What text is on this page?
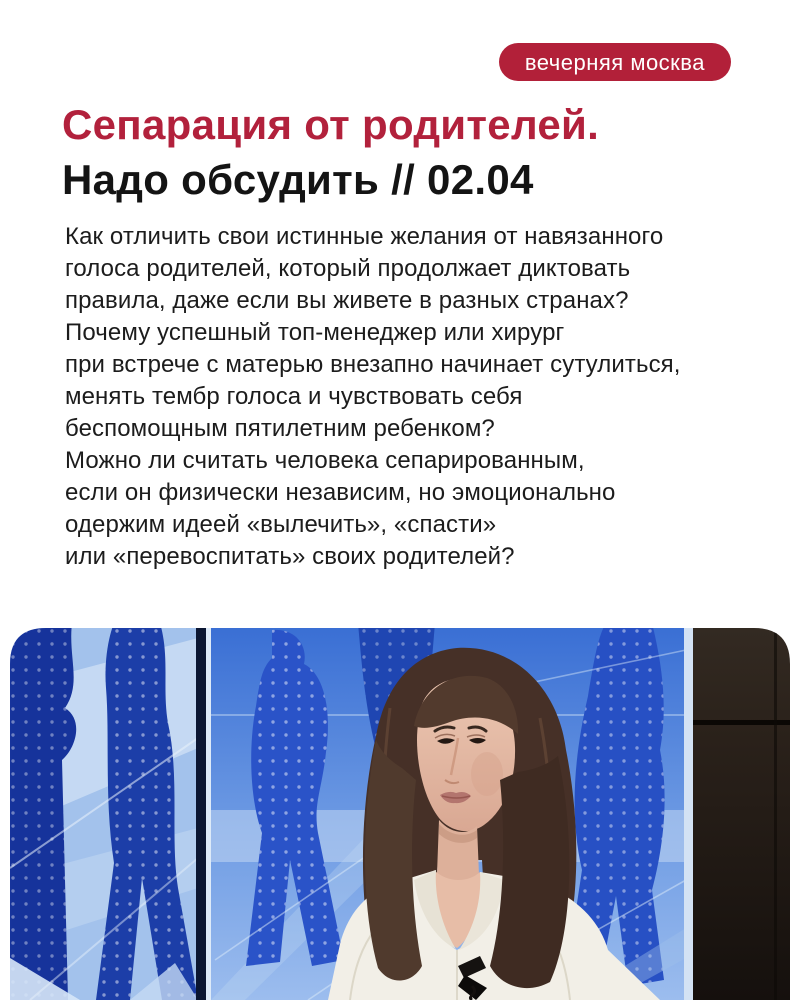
вечерняя москва
Сепарация от родителей.
Надо обсудить // 02.04
Как отличить свои истинные желания от навязанного
голоса родителей, который продолжает диктовать
правила, даже если вы живете в разных странах?
Почему успешный топ-менеджер или хирург
при встрече с матерью внезапно начинает сутулиться,
менять тембр голоса и чувствовать себя
беспомощным пятилетним ребенком?
Можно ли считать человека сепарированным,
если он физически независим, но эмоционально
одержим идеей «вылечить», «спасти»
или «перевоспитать» своих родителей?
